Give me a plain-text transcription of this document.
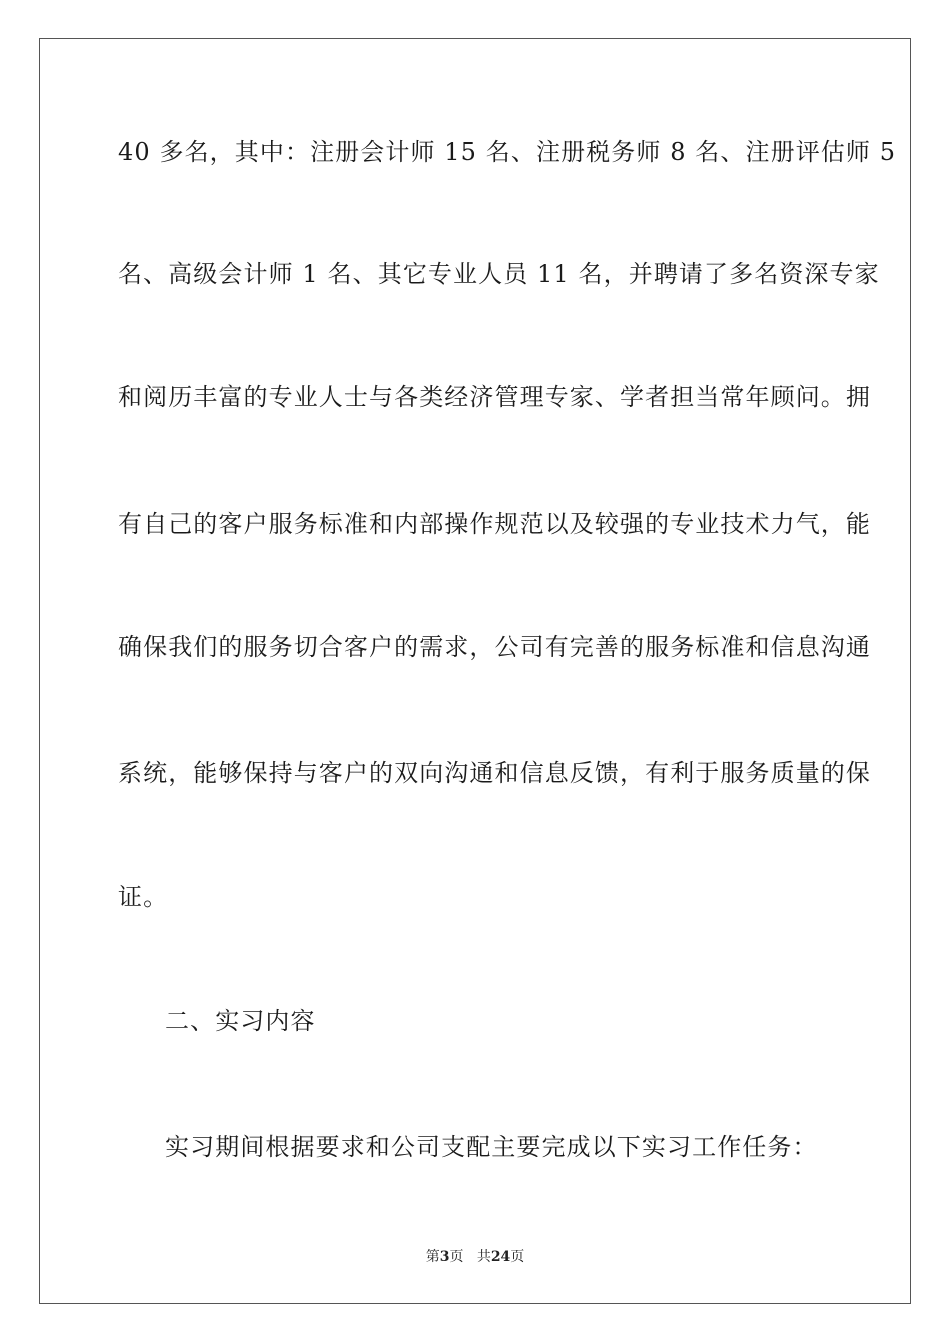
40 多名，其中：注册会计师 15 名、注册税务师 8 名、注册评估师 5
名、高级会计师 1 名、其它专业人员 11 名，并聘请了多名资深专家
和阅历丰富的专业人士与各类经济管理专家、学者担当常年顾问。拥
有自己的客户服务标准和内部操作规范以及较强的专业技术力气，能
确保我们的服务切合客户的需求，公司有完善的服务标准和信息沟通
系统，能够保持与客户的双向沟通和信息反馈，有利于服务质量的保
证。
二、实习内容
实习期间根据要求和公司支配主要完成以下实习工作任务：
第3页 共24页
